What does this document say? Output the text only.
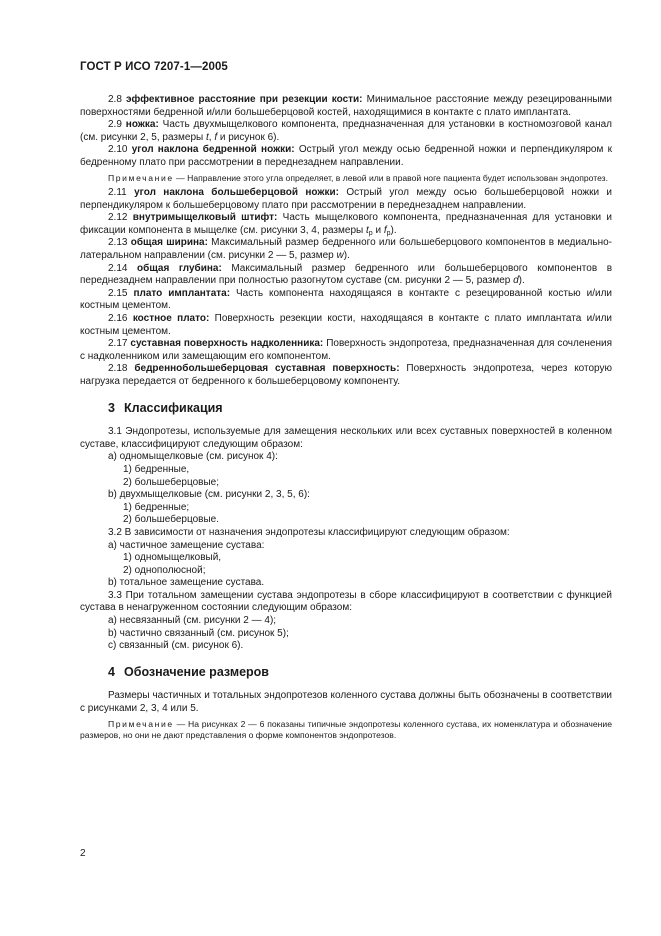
ГОСТ Р ИСО 7207-1—2005

2.8 эффективное расстояние при резекции кости: Минимальное расстояние между резецированными поверхностями бедренной и/или большеберцовой костей, находящимися в контакте с плато имплантата.

2.9 ножка: Часть двухмыщелкового компонента, предназначенная для установки в костномозговой канал (см. рисунки 2, 5, размеры t, f и рисунок 6).

2.10 угол наклона бедренной ножки: Острый угол между осью бедренной ножки и перпендикуляром к бедренному плато при рассмотрении в переднезаднем направлении.

Примечание — Направление этого угла определяет, в левой или в правой ноге пациента будет использован эндопротез.

2.11 угол наклона большеберцовой ножки: Острый угол между осью большеберцовой ножки и перпендикуляром к большеберцовому плато при рассмотрении в переднезаднем направлении.

2.12 внутримыщелковый штифт: Часть мыщелкового компонента, предназначенная для установки и фиксации компонента в мыщелке (см. рисунки 3, 4, размеры $t_p$ и $f_p$).

2.13 общая ширина: Максимальный размер бедренного или большеберцового компонентов в медиально-латеральном направлении (см. рисунки 2 — 5, размер w).

2.14 общая глубина: Максимальный размер бедренного или большеберцового компонентов в переднезаднем направлении при полностью разогнутом суставе (см. рисунки 2 — 5, размер d).

2.15 плато имплантата: Часть компонента находящаяся в контакте с резецированной костью и/или костным цементом.

2.16 костное плато: Поверхность резекции кости, находящаяся в контакте с плато имплантата и/или костным цементом.

2.17 суставная поверхность надколенника: Поверхность эндопротеза, предназначенная для сочленения с надколенником или замещающим его компонентом.

2.18 бедреннобольшеберцовая суставная поверхность: Поверхность эндопротеза, через которую нагрузка передается от бедренного к большеберцовому компоненту.

3 Классификация

3.1 Эндопротезы, используемые для замещения нескольких или всех суставных поверхностей в коленном суставе, классифицируют следующим образом:

a) одномыщелковые (см. рисунок 4):

1) бедренные,

2) большеберцовые;

b) двухмыщелковые (см. рисунки 2, 3, 5, 6):

1) бедренные;

2) большеберцовые.

3.2 В зависимости от назначения эндопротезы классифицируют следующим образом:

a) частичное замещение сустава:

1) одномыщелковый,

2) однополюсной;

b) тотальное замещение сустава.

3.3 При тотальном замещении сустава эндопротезы в сборе классифицируют в соответствии с функцией сустава в ненагруженном состоянии следующим образом:

a) несвязанный (см. рисунки 2 — 4);

b) частично связанный (см. рисунок 5);

c) связанный (см. рисунок 6).

4 Обозначение размеров

Размеры частичных и тотальных эндопротезов коленного сустава должны быть обозначены в соответствии с рисунками 2, 3, 4 или 5.

Примечание — На рисунках 2 — 6 показаны типичные эндопротезы коленного сустава, их номенклатура и обозначение размеров, но они не дают представления о форме компонентов эндопротезов.

2
